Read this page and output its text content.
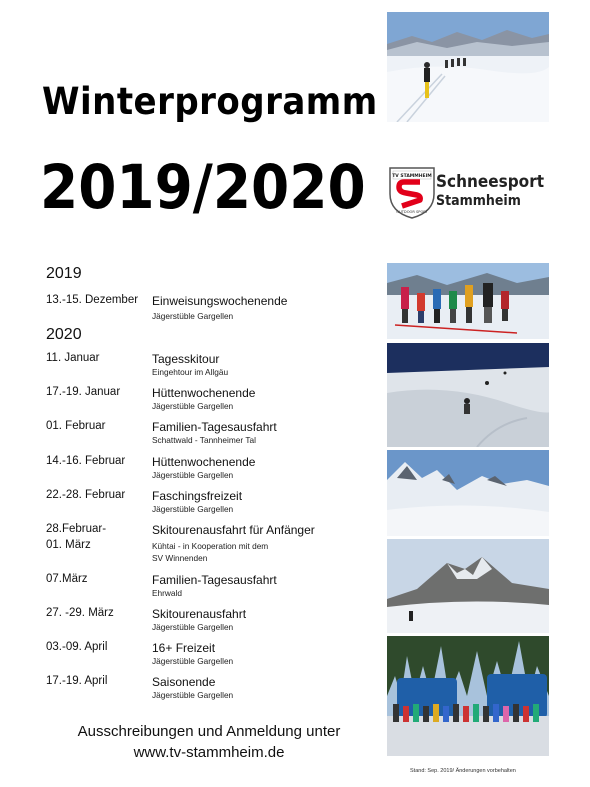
Winterprogramm
2019/2020	TV STAMMHEIM
OUTDOOR SPORT
Schneesport
Stammheim
2019
2020
13.-15. Dezember Einweisungswochenende
Jägerstüble Gargellen
11. Januar	Tagesskitour
Eingehtour im Allgäu
17.-19. Januar	Hüttenwochenende
Jägerstüble Gargellen
01. Februar	Familien-Tagesausfahrt
Schattwald - Tannheimer Tal
14.-16. Februar Hüttenwochenende
Jägerstüble Gargellen
22.-28. Februar Faschingsfreizeit
Jägerstüble Gargellen
28.Februar-
01. März
Skitourenausfahrt für Anfänger
Kühtai - in Kooperation mit dem
SV Winnenden
07.März	Familien-Tagesausfahrt
Ehrwald
27. -29. März	Skitourenausfahrt
Jägerstüble Gargellen
03.-09. April	16+ Freizeit
Jägerstüble Gargellen
17.-19. April	Saisonende
Jägerstüble Gargellen
Ausschreibungen und Anmeldung unter
www.tv-stammheim.de
Stand: Sep. 2019/ Änderungen vorbehalten
